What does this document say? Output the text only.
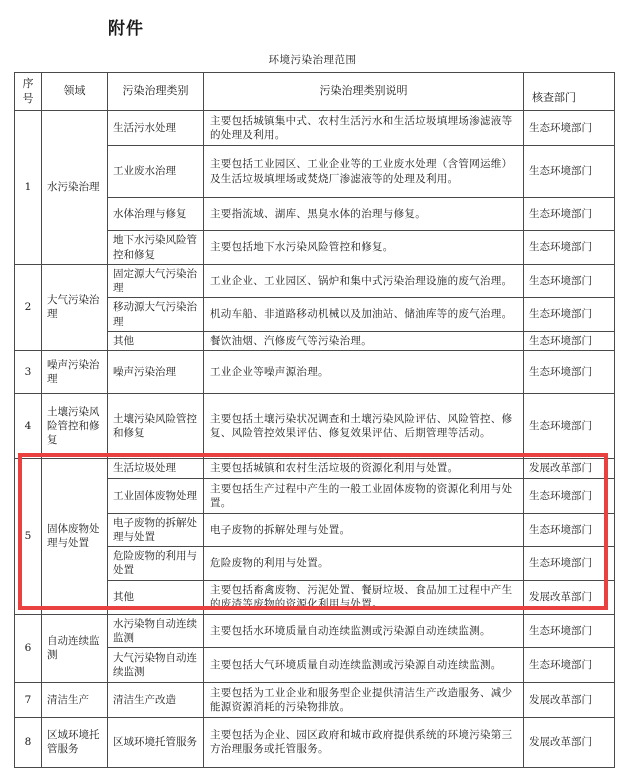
附件
环境污染治理范围
序号	领域	污染治理类别	污染治理类别说明	核查部门
1	水污染治理	生活污水处理	主要包括城镇集中式、农村生活污水和生活垃圾填埋场渗滤液等的处理及利用。	生态环境部门
		工业废水治理	主要包括工业园区、工业企业等的工业废水处理（含管网运维）及生活垃圾填埋场或焚烧厂渗滤液等的处理及利用。	生态环境部门
		水体治理与修复	主要指流域、湖库、黑臭水体的治理与修复。	生态环境部门
		地下水污染风险管控和修复	主要包括地下水污染风险管控和修复。	生态环境部门
2	大气污染治理	固定源大气污染治理	工业企业、工业园区、锅炉和集中式污染治理设施的废气治理。	生态环境部门
		移动源大气污染治理	机动车船、非道路移动机械以及加油站、储油库等的废气治理。	生态环境部门
		其他	餐饮油烟、汽修废气等污染治理。	生态环境部门
3	噪声污染治理	噪声污染治理	工业企业等噪声源治理。	生态环境部门
4	土壤污染风险管控和修复	土壤污染风险管控和修复	主要包括土壤污染状况调查和土壤污染风险评估、风险管控、修复、风险管控效果评估、修复效果评估、后期管理等活动。	生态环境部门
5	固体废物处理与处置	生活垃圾处理	主要包括城镇和农村生活垃圾的资源化利用与处置。	发展改革部门
		工业固体废物处理	主要包括生产过程中产生的一般工业固体废物的资源化利用与处置。	生态环境部门
		电子废物的拆解处理与处置	电子废物的拆解处理与处置。	生态环境部门
		危险废物的利用与处置	危险废物的利用与处置。	生态环境部门
		其他	主要包括畜禽废物、污泥处置、餐厨垃圾、食品加工过程中产生的废渣等废物的资源化利用与处置。	发展改革部门
6	自动连续监测	水污染物自动连续监测	主要包括水环境质量自动连续监测或污染源自动连续监测。	生态环境部门
		大气污染物自动连续监测	主要包括大气环境质量自动连续监测或污染源自动连续监测。	生态环境部门
7	清洁生产	清洁生产改造	主要包括为工业企业和服务型企业提供清洁生产改造服务、减少能源资源消耗的污染物排放。	发展改革部门
8	区域环境托管服务	区域环境托管服务	主要包括为企业、园区政府和城市政府提供系统的环境污染第三方治理服务或托管服务。	发展改革部门
